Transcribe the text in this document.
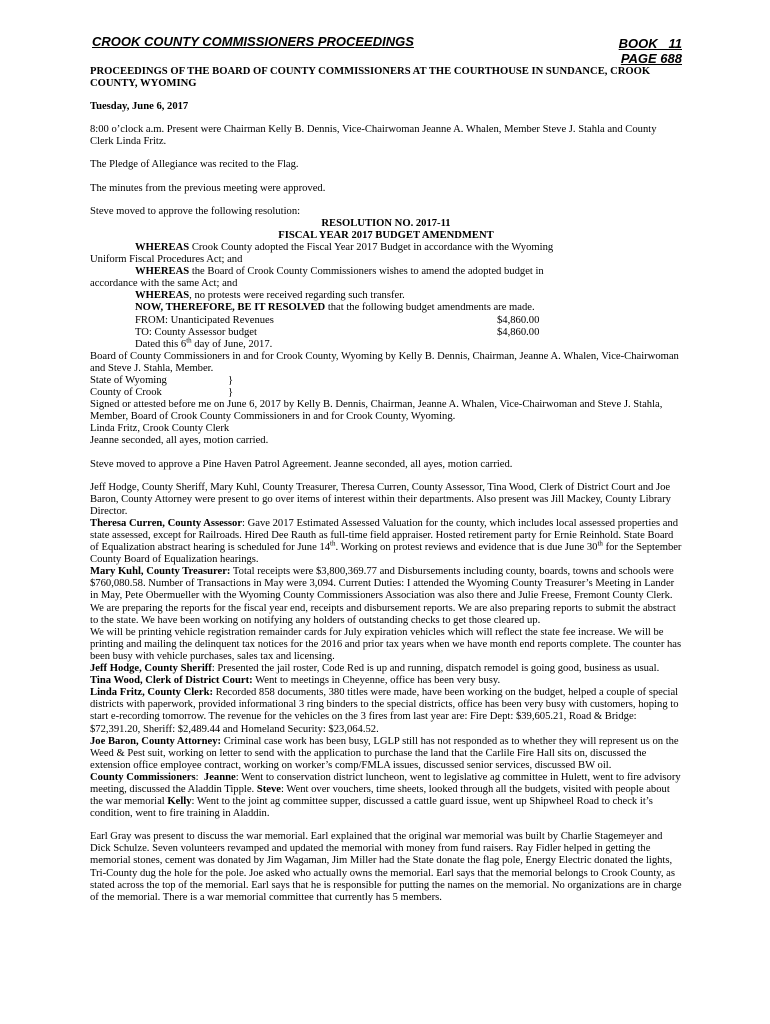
CROOK COUNTY COMMISSIONERS PROCEEDINGS	BOOK   11
PAGE 688

PROCEEDINGS OF THE BOARD OF COUNTY COMMISSIONERS AT THE COURTHOUSE IN SUNDANCE, CROOK COUNTY, WYOMING

Tuesday, June 6, 2017

8:00 o’clock a.m. Present were Chairman Kelly B. Dennis, Vice-Chairwoman Jeanne A. Whalen, Member Steve J. Stahla and County Clerk Linda Fritz.

The Pledge of Allegiance was recited to the Flag.

The minutes from the previous meeting were approved.

Steve moved to approve the following resolution:

RESOLUTION NO. 2017-11

FISCAL YEAR 2017 BUDGET AMENDMENT

WHEREAS Crook County adopted the Fiscal Year 2017 Budget in accordance with the Wyoming

Uniform Fiscal Procedures Act; and

WHEREAS the Board of Crook County Commissioners wishes to amend the adopted budget in

accordance with the same Act; and

WHEREAS, no protests were received regarding such transfer.

NOW, THEREFORE, BE IT RESOLVED that the following budget amendments are made.

FROM: Unanticipated Revenues	$4,860.00
TO: County Assessor budget	$4,860.00

Dated this 6th day of June, 2017.

Board of County Commissioners in and for Crook County, Wyoming by Kelly B. Dennis, Chairman, Jeanne A. Whalen, Vice-Chairwoman and Steve J. Stahla, Member.

State of Wyoming	}
County of Crook	}

Signed or attested before me on June 6, 2017 by Kelly B. Dennis, Chairman, Jeanne A. Whalen, Vice-Chairwoman and Steve J. Stahla, Member, Board of Crook County Commissioners in and for Crook County, Wyoming.

Linda Fritz, Crook County Clerk

Jeanne seconded, all ayes, motion carried.

Steve moved to approve a Pine Haven Patrol Agreement. Jeanne seconded, all ayes, motion carried.

Jeff Hodge, County Sheriff, Mary Kuhl, County Treasurer, Theresa Curren, County Assessor, Tina Wood, Clerk of District Court and Joe Baron, County Attorney were present to go over items of interest within their departments. Also present was Jill Mackey, County Library Director.

Theresa Curren, County Assessor: Gave 2017 Estimated Assessed Valuation for the county, which includes local assessed properties and state assessed, except for Railroads. Hired Dee Rauth as full-time field appraiser. Hosted retirement party for Ernie Reinhold. State Board of Equalization abstract hearing is scheduled for June 14th. Working on protest reviews and evidence that is due June 30th for the September County Board of Equalization hearings.

Mary Kuhl, County Treasurer: Total receipts were $3,800,369.77 and Disbursements including county, boards, towns and schools were $760,080.58. Number of Transactions in May were 3,094. Current Duties: I attended the Wyoming County Treasurer’s Meeting in Lander in May, Pete Obermueller with the Wyoming County Commissioners Association was also there and Julie Freese, Fremont County Clerk. We are preparing the reports for the fiscal year end, receipts and disbursement reports. We are also preparing reports to submit the abstract to the state. We have been working on notifying any holders of outstanding checks to get those cleared up.

We will be printing vehicle registration remainder cards for July expiration vehicles which will reflect the state fee increase. We will be printing and mailing the delinquent tax notices for the 2016 and prior tax years when we have month end reports complete. The counter has been busy with vehicle purchases, sales tax and licensing.

Jeff Hodge, County Sheriff: Presented the jail roster, Code Red is up and running, dispatch remodel is going good, business as usual.

Tina Wood, Clerk of District Court: Went to meetings in Cheyenne, office has been very busy.

Linda Fritz, County Clerk: Recorded 858 documents, 380 titles were made, have been working on the budget, helped a couple of special districts with paperwork, provided informational 3 ring binders to the special districts, office has been very busy with customers, hoping to start e-recording tomorrow. The revenue for the vehicles on the 3 fires from last year are: Fire Dept: $39,605.21, Road & Bridge: $72,391.20, Sheriff: $2,489.44 and Homeland Security: $23,064.52.

Joe Baron, County Attorney: Criminal case work has been busy, LGLP still has not responded as to whether they will represent us on the Weed & Pest suit, working on letter to send with the application to purchase the land that the Carlile Fire Hall sits on, discussed the extension office employee contract, working on worker’s comp/FMLA issues, discussed senior services, discussed BW oil.

County Commissioners:  Jeanne: Went to conservation district luncheon, went to legislative ag committee in Hulett, went to fire advisory meeting, discussed the Aladdin Tipple. Steve: Went over vouchers, time sheets, looked through all the budgets, visited with people about the war memorial Kelly: Went to the joint ag committee supper, discussed a cattle guard issue, went up Shipwheel Road to check it’s condition, went to fire training in Aladdin.

Earl Gray was present to discuss the war memorial. Earl explained that the original war memorial was built by Charlie Stagemeyer and Dick Schulze. Seven volunteers revamped and updated the memorial with money from fund raisers. Ray Fidler helped in getting the memorial stones, cement was donated by Jim Wagaman, Jim Miller had the State donate the flag pole, Energy Electric donated the lights, Tri-County dug the hole for the pole. Joe asked who actually owns the memorial. Earl says that the memorial belongs to Crook County, as stated across the top of the memorial. Earl says that he is responsible for putting the names on the memorial. No organizations are in charge of the memorial. There is a war memorial committee that currently has 5 members.
